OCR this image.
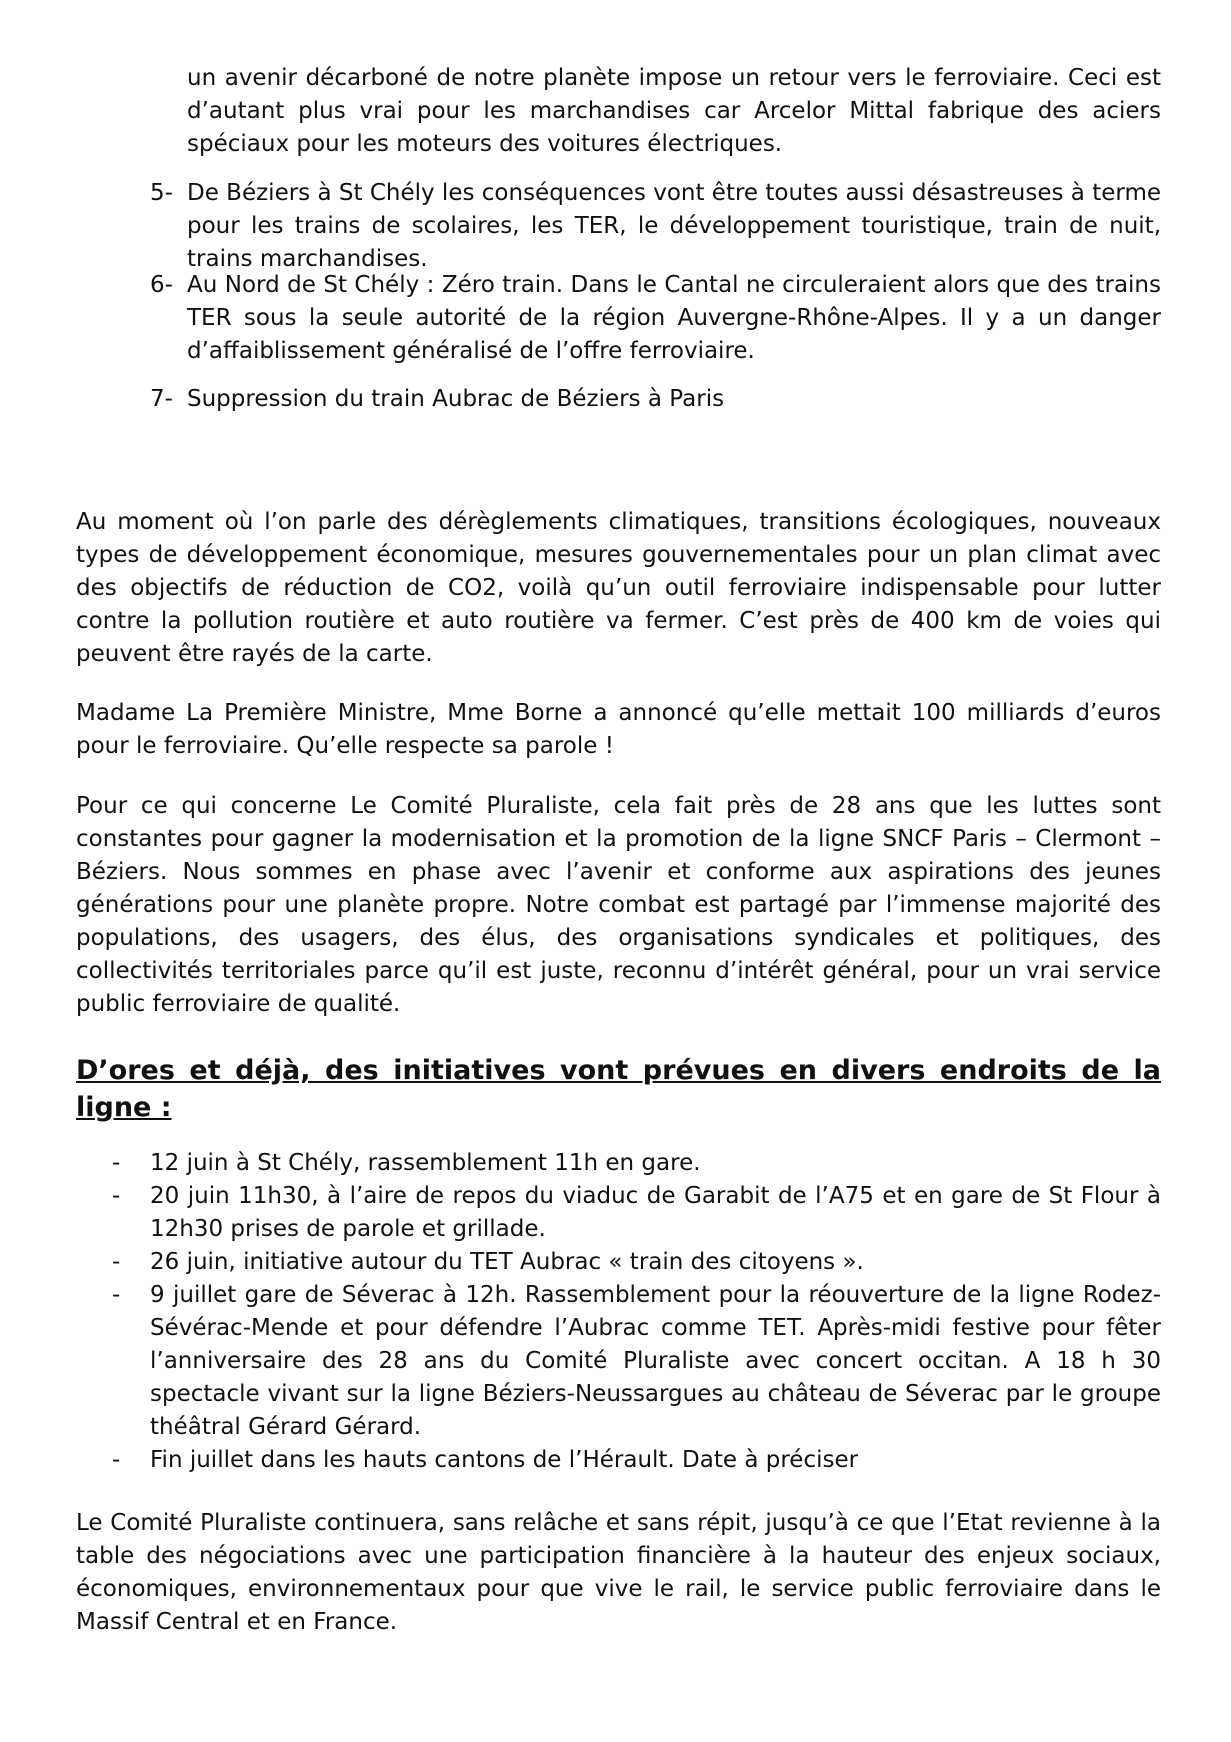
un avenir décarboné de notre planète impose un retour vers le ferroviaire. Ceci est d’autant plus vrai pour les marchandises car Arcelor Mittal fabrique des aciers spéciaux pour les moteurs des voitures électriques.

5- De Béziers à St Chély les conséquences vont être toutes aussi désastreuses à terme pour les trains de scolaires, les TER, le développement touristique, train de nuit, trains marchandises.

6- Au Nord de St Chély : Zéro train. Dans le Cantal ne circuleraient alors que des trains TER sous la seule autorité de la région Auvergne-Rhône-Alpes. Il y a un danger d’affaiblissement généralisé de l’offre ferroviaire.

7- Suppression du train Aubrac de Béziers à Paris

Au moment où l’on parle des dérèglements climatiques, transitions écologiques, nouveaux types de développement économique, mesures gouvernementales pour un plan climat avec des objectifs de réduction de CO2, voilà qu’un outil ferroviaire indispensable pour lutter contre la pollution routière et auto routière va fermer. C’est près de 400 km de voies qui peuvent être rayés de la carte.

Madame La Première Ministre, Mme Borne a annoncé qu’elle mettait 100 milliards d’euros pour le ferroviaire. Qu’elle respecte sa parole !

Pour ce qui concerne Le Comité Pluraliste, cela fait près de 28 ans que les luttes sont constantes pour gagner la modernisation et la promotion de la ligne SNCF Paris – Clermont – Béziers. Nous sommes en phase avec l’avenir et conforme aux aspirations des jeunes générations pour une planète propre. Notre combat est partagé par l’immense majorité des populations, des usagers, des élus, des organisations syndicales et politiques, des collectivités territoriales parce qu’il est juste, reconnu d’intérêt général, pour un vrai service public ferroviaire de qualité.

D’ores et déjà, des initiatives vont prévues en divers endroits de la ligne :

- 12 juin à St Chély, rassemblement 11h en gare.

- 20 juin 11h30, à l’aire de repos du viaduc de Garabit de l’A75 et en gare de St Flour à 12h30 prises de parole et grillade.

- 26 juin, initiative autour du TET Aubrac « train des citoyens ».

- 9 juillet gare de Séverac à 12h. Rassemblement pour la réouverture de la ligne Rodez-Sévérac-Mende et pour défendre l’Aubrac comme TET. Après-midi festive pour fêter l’anniversaire des 28 ans du Comité Pluraliste avec concert occitan. A 18 h 30 spectacle vivant sur la ligne Béziers-Neussargues au château de Séverac par le groupe théâtral Gérard Gérard.

- Fin juillet dans les hauts cantons de l’Hérault. Date à préciser

Le Comité Pluraliste continuera, sans relâche et sans répit, jusqu’à ce que l’Etat revienne à la table des négociations avec une participation financière à la hauteur des enjeux sociaux, économiques, environnementaux pour que vive le rail, le service public ferroviaire dans le Massif Central et en France.
